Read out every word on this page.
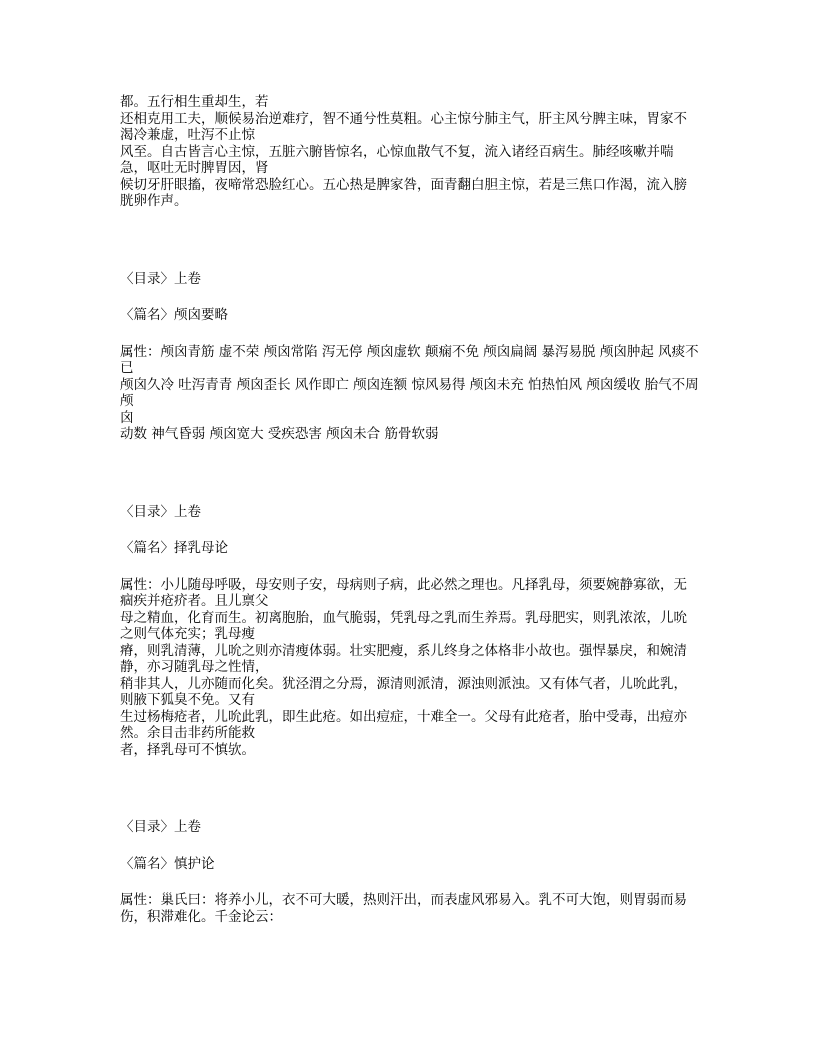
都。五行相生重却生，若
还相克用工夫，顺候易治逆难疗，智不通兮性莫粗。心主惊兮肺主气，肝主风兮脾主味，胃家不渴冷兼虚，吐泻不止惊
风至。自古皆言心主惊，五脏六腑皆惊名，心惊血散气不复，流入诸经百病生。肺经咳嗽并喘急，呕吐无时脾胃因，肾
候切牙肝眼搐，夜啼常恐脸红心。五心热是脾家咎，面青翻白胆主惊，若是三焦口作渴，流入膀胱卵作声。
〈目录〉上卷
〈篇名〉颅囟要略
属性：颅囟青筋 虚不荣 颅囟常陷 泻无停 颅囟虚软 颠痫不免 颅囟扁阔 暴泻易脱 颅囟肿起 风痰不已
颅囟久冷 吐泻青青 颅囟歪长 风作即亡 颅囟连额 惊风易得 颅囟未充 怕热怕风 颅囟缓收 胎气不周 颅
囟
动数 神气昏弱 颅囟宽大 受疾恐害 颅囟未合 筋骨软弱
〈目录〉上卷
〈篇名〉择乳母论
属性：小儿随母呼吸，母安则子安，母病则子病，此必然之理也。凡择乳母，须要婉静寡欲，无痼疾并疮疥者。且儿禀父
母之精血，化育而生。初离胞胎，血气脆弱，凭乳母之乳而生养焉。乳母肥实，则乳浓浓，儿吮之则气体充实；乳母瘦
瘠，则乳清薄，儿吮之则亦清瘦体弱。壮实肥瘦，系儿终身之体格非小故也。强悍暴戾，和婉清静，亦习随乳母之性情，
稍非其人，儿亦随而化矣。犹泾渭之分焉，源清则派清，源浊则派浊。又有体气者，儿吮此乳，则腋下狐臭不免。又有
生过杨梅疮者，儿吮此乳，即生此疮。如出痘症，十难全一。父母有此疮者，胎中受毒，出痘亦然。余目击非药所能救
者，择乳母可不慎欤。
〈目录〉上卷
〈篇名〉慎护论
属性：巢氏曰：将养小儿，衣不可大暖，热则汗出，而表虚风邪易入。乳不可大饱，则胃弱而易伤，积滞难化。千金论云：
